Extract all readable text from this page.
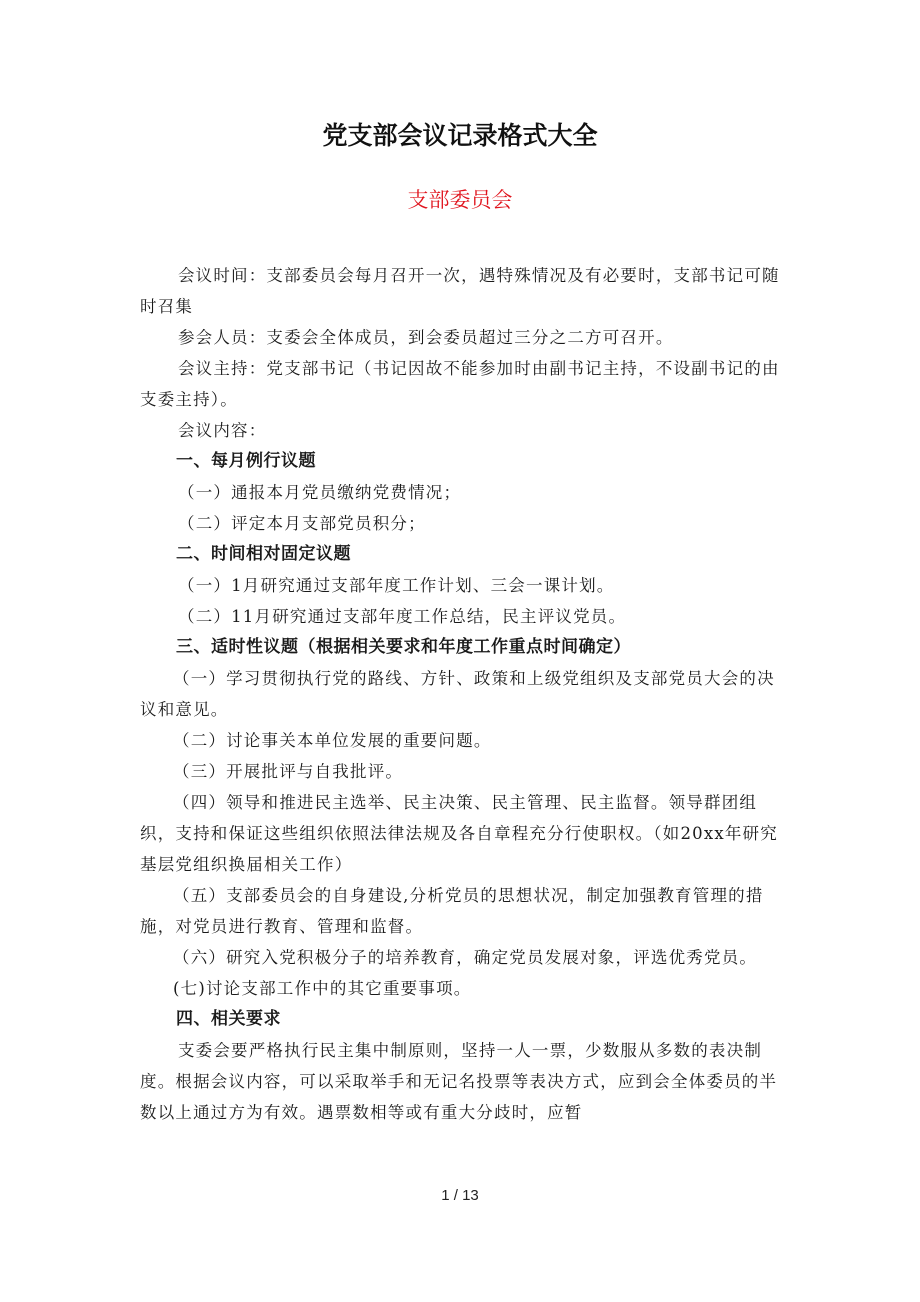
党支部会议记录格式大全
支部委员会

会议时间：支部委员会每月召开一次，遇特殊情况及有必要时，支部书记可随时召集

参会人员：支委会全体成员，到会委员超过三分之二方可召开。

会议主持：党支部书记（书记因故不能参加时由副书记主持，不设副书记的由支委主持）。

会议内容：

一、每月例行议题

（一）通报本月党员缴纳党费情况；

（二）评定本月支部党员积分；

二、时间相对固定议题

（一）1月研究通过支部年度工作计划、三会一课计划。

（二）11月研究通过支部年度工作总结，民主评议党员。

三、适时性议题（根据相关要求和年度工作重点时间确定）

（一）学习贯彻执行党的路线、方针、政策和上级党组织及支部党员大会的决议和意见。

（二）讨论事关本单位发展的重要问题。

（三）开展批评与自我批评。

（四）领导和推进民主选举、民主决策、民主管理、民主监督。领导群团组织，支持和保证这些组织依照法律法规及各自章程充分行使职权。（如20xx年研究基层党组织换届相关工作）

（五）支部委员会的自身建设,分析党员的思想状况，制定加强教育管理的措施，对党员进行教育、管理和监督。

（六）研究入党积极分子的培养教育，确定党员发展对象，评选优秀党员。

(七)讨论支部工作中的其它重要事项。

四、相关要求

支委会要严格执行民主集中制原则，坚持一人一票，少数服从多数的表决制度。根据会议内容，可以采取举手和无记名投票等表决方式，应到会全体委员的半数以上通过方为有效。遇票数相等或有重大分歧时，应暂

1 / 13
